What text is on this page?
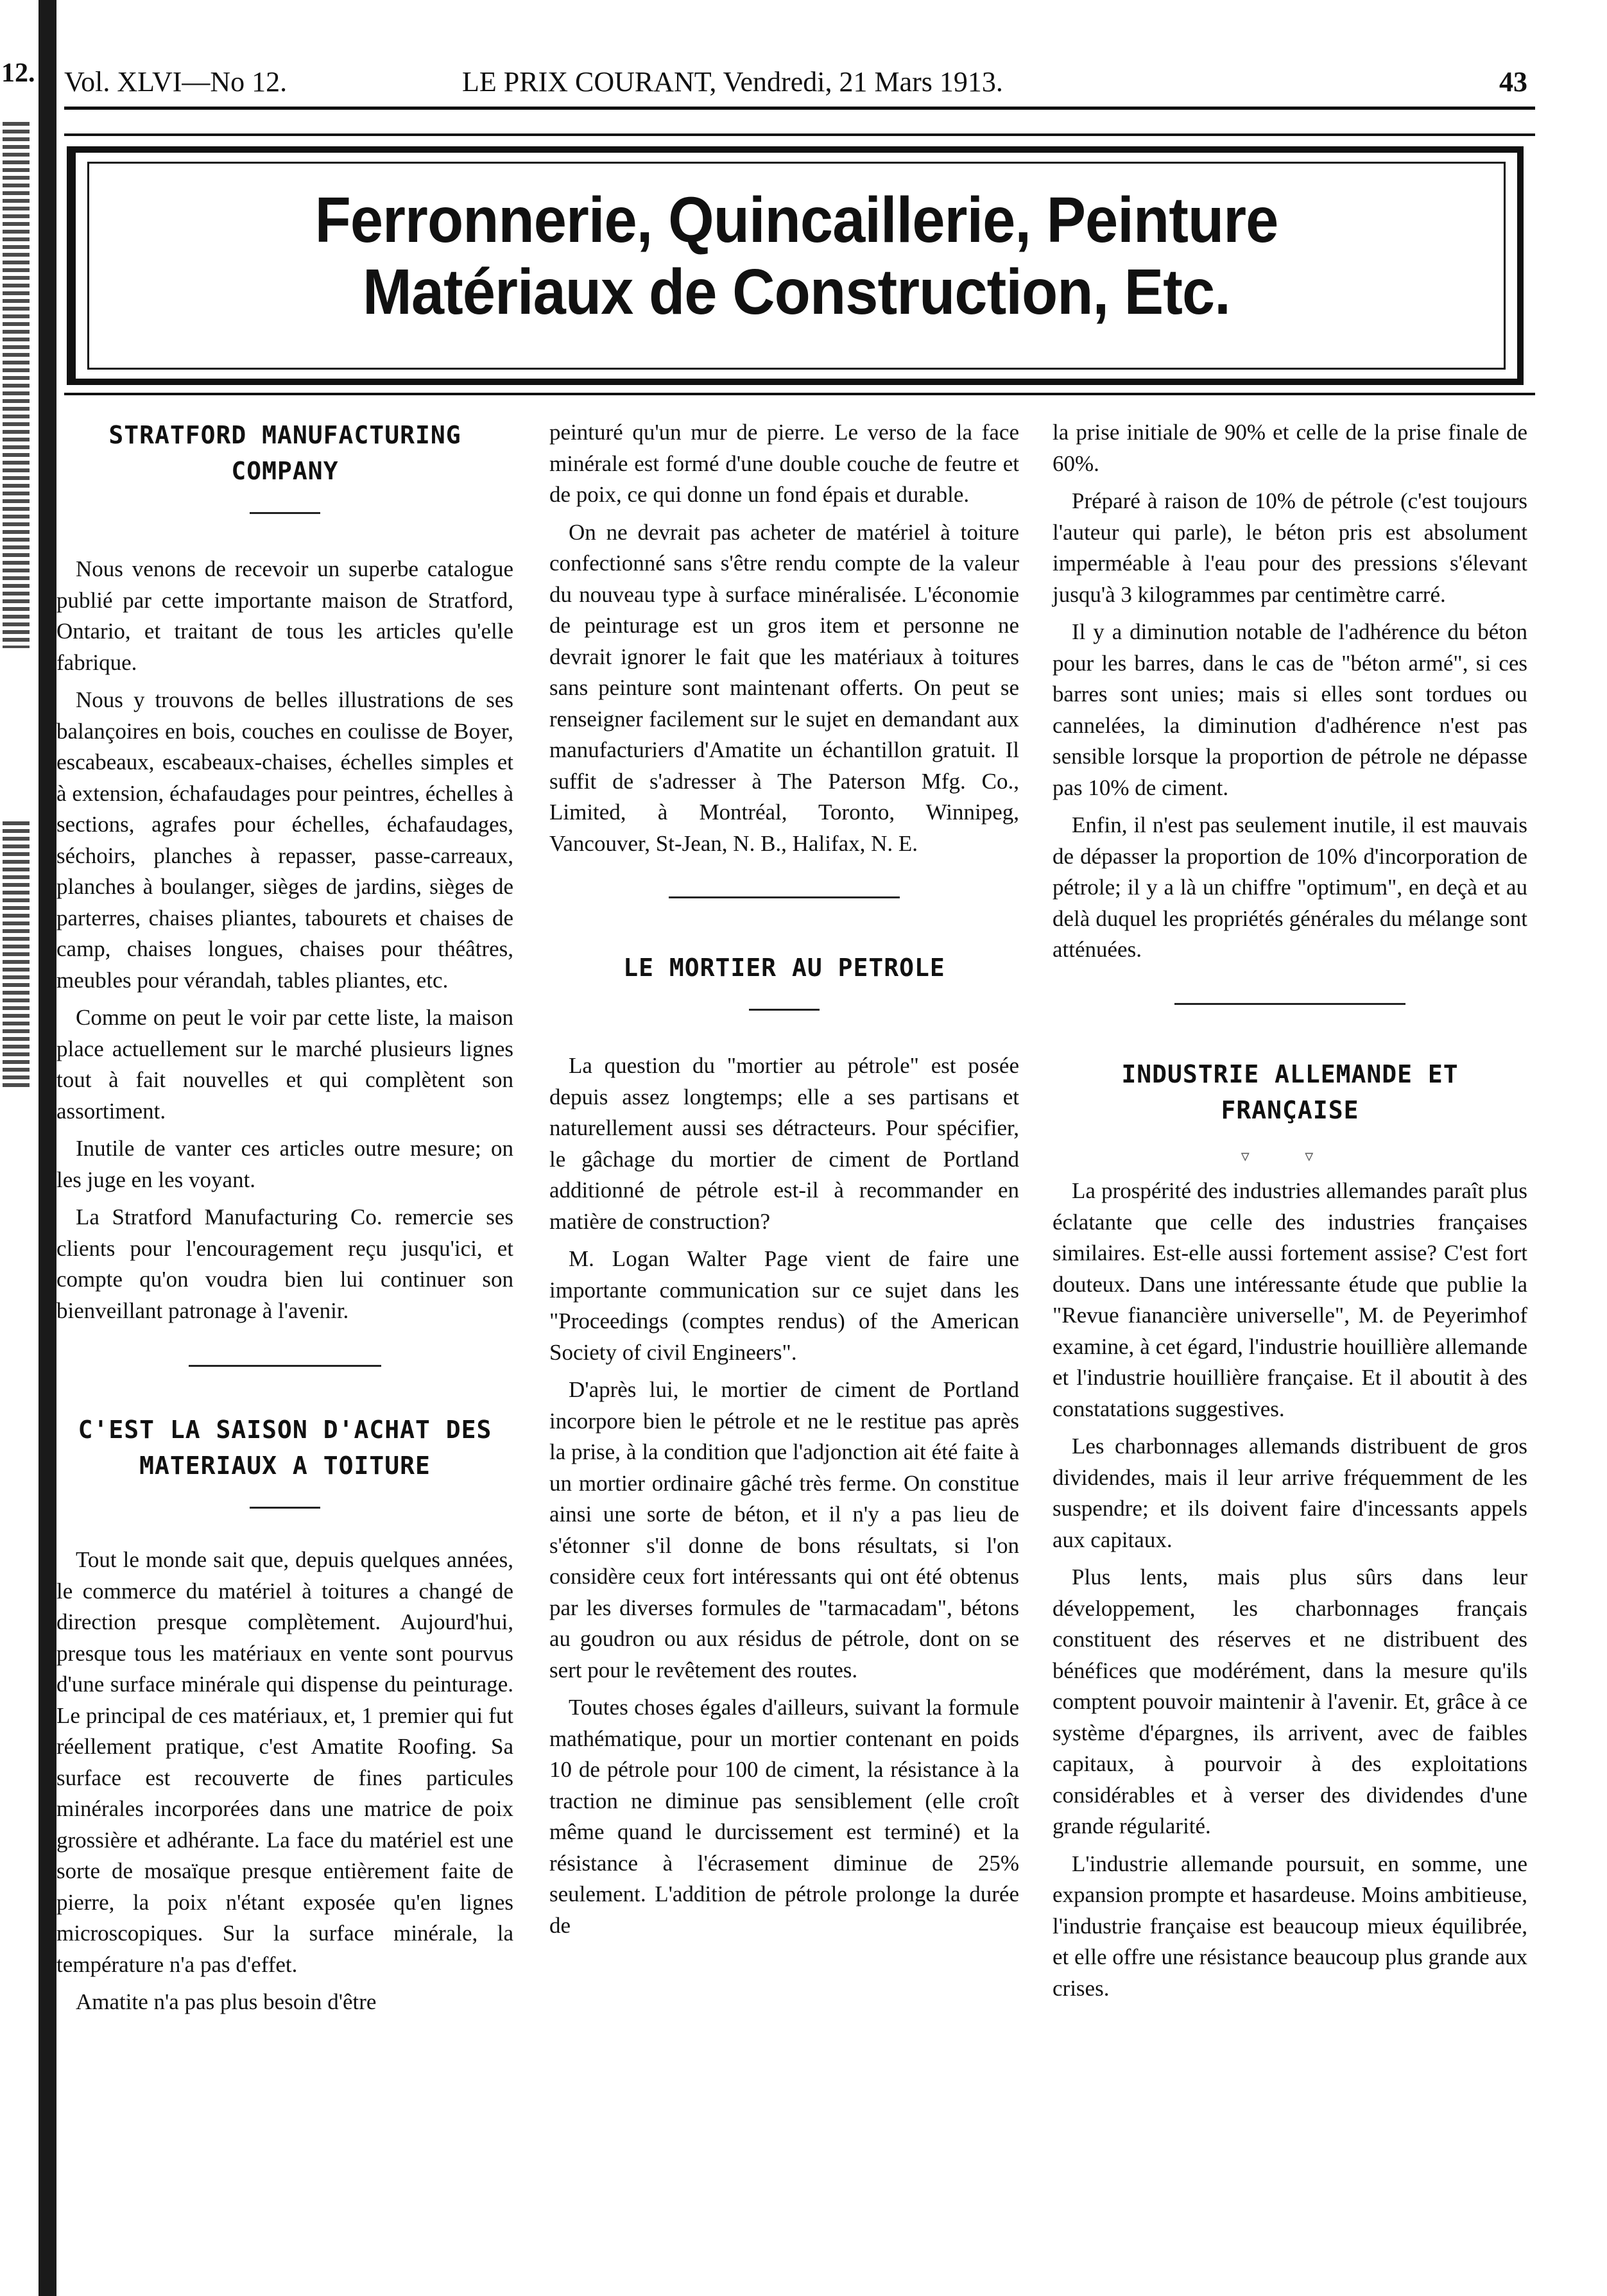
12. Vol. XLVI—No 12.	LE PRIX COURANT, Vendredi, 21 Mars 1913.	43
Ferronnerie, Quincaillerie, Peinture
Matériaux de Construction, Etc.
STRATFORD MANUFACTURING COMPANY

Nous venons de recevoir un superbe catalogue publié par cette importante maison de Stratford, Ontario, et traitant de tous les articles qu'elle fabrique.

Nous y trouvons de belles illustrations de ses balançoires en bois, couches en coulisse de Boyer, escabeaux, escabeaux-chaises, échelles simples et à extension, échafaudages pour peintres, échelles à sections, agrafes pour échelles, échafaudages, séchoirs, planches à repasser, passe-carreaux, planches à boulanger, sièges de jardins, sièges de parterres, chaises pliantes, tabourets et chaises de camp, chaises longues, chaises pour théâtres, meubles pour vérandah, tables pliantes, etc.

Comme on peut le voir par cette liste, la maison place actuellement sur le marché plusieurs lignes tout à fait nouvelles et qui complètent son assortiment.

Inutile de vanter ces articles outre mesure; on les juge en les voyant.

La Stratford Manufacturing Co. remercie ses clients pour l'encouragement reçu jusqu'ici, et compte qu'on voudra bien lui continuer son bienveillant patronage à l'avenir.

C'EST LA SAISON D'ACHAT DES MATERIAUX A TOITURE

Tout le monde sait que, depuis quelques années, le commerce du matériel à toitures a changé de direction presque complètement. Aujourd'hui, presque tous les matériaux en vente sont pourvus d'une surface minérale qui dispense du peinturage. Le principal de ces matériaux, et, 1 premier qui fut réellement pratique, c'est Amatite Roofing. Sa surface est recouverte de fines particules minérales incorporées dans une matrice de poix grossière et adhérante. La face du matériel est une sorte de mosaïque presque entièrement faite de pierre, la poix n'étant exposée qu'en lignes microscopiques. Sur la surface minérale, la température n'a pas d'effet.

Amatite n'a pas plus besoin d'être

peinturé qu'un mur de pierre. Le verso de la face minérale est formé d'une double couche de feutre et de poix, ce qui donne un fond épais et durable.

On ne devrait pas acheter de matériel à toiture confectionné sans s'être rendu compte de la valeur du nouveau type à surface minéralisée. L'économie de peinturage est un gros item et personne ne devrait ignorer le fait que les matériaux à toitures sans peinture sont maintenant offerts. On peut se renseigner facilement sur le sujet en demandant aux manufacturiers d'Amatite un échantillon gratuit. Il suffit de s'adresser à The Paterson Mfg. Co., Limited, à Montréal, Toronto, Winnipeg, Vancouver, St-Jean, N. B., Halifax, N. E.

LE MORTIER AU PETROLE

La question du "mortier au pétrole" est posée depuis assez longtemps; elle a ses partisans et naturellement aussi ses détracteurs. Pour spécifier, le gâchage du mortier de ciment de Portland additionné de pétrole est-il à recommander en matière de construction?

M. Logan Walter Page vient de faire une importante communication sur ce sujet dans les "Proceedings (comptes rendus) of the American Society of civil Engineers".

D'après lui, le mortier de ciment de Portland incorpore bien le pétrole et ne le restitue pas après la prise, à la condition que l'adjonction ait été faite à un mortier ordinaire gâché très ferme. On constitue ainsi une sorte de béton, et il n'y a pas lieu de s'étonner s'il donne de bons résultats, si l'on considère ceux fort intéressants qui ont été obtenus par les diverses formules de "tarmacadam", bétons au goudron ou aux résidus de pétrole, dont on se sert pour le revêtement des routes.

Toutes choses égales d'ailleurs, suivant la formule mathématique, pour un mortier contenant en poids 10 de pétrole pour 100 de ciment, la résistance à la traction ne diminue pas sensiblement (elle croît même quand le durcissement est terminé) et la résistance à l'écrasement diminue de 25% seulement. L'addition de pétrole prolonge la durée de

la prise initiale de 90% et celle de la prise finale de 60%.

Préparé à raison de 10% de pétrole (c'est toujours l'auteur qui parle), le béton pris est absolument imperméable à l'eau pour des pressions s'élevant jusqu'à 3 kilogrammes par centimètre carré.

Il y a diminution notable de l'adhérence du béton pour les barres, dans le cas de "béton armé", si ces barres sont unies; mais si elles sont tordues ou cannelées, la diminution d'adhérence n'est pas sensible lorsque la proportion de pétrole ne dépasse pas 10% de ciment.

Enfin, il n'est pas seulement inutile, il est mauvais de dépasser la proportion de 10% d'incorporation de pétrole; il y a là un chiffre "optimum", en deçà et au delà duquel les propriétés générales du mélange sont atténuées.

INDUSTRIE ALLEMANDE ET FRANÇAISE
▿ ▿

La prospérité des industries allemandes paraît plus éclatante que celle des industries françaises similaires. Est-elle aussi fortement assise? C'est fort douteux. Dans une intéressante étude que publie la "Revue fianancière universelle", M. de Peyerimhof examine, à cet égard, l'industrie houillière allemande et l'industrie houillière française. Et il aboutit à des constatations suggestives.

Les charbonnages allemands distribuent de gros dividendes, mais il leur arrive fréquemment de les suspendre; et ils doivent faire d'incessants appels aux capitaux.

Plus lents, mais plus sûrs dans leur développement, les charbonnages français constituent des réserves et ne distribuent des bénéfices que modérément, dans la mesure qu'ils comptent pouvoir maintenir à l'avenir. Et, grâce à ce système d'épargnes, ils arrivent, avec de faibles capitaux, à pourvoir à des exploitations considérables et à verser des dividendes d'une grande régularité.

L'industrie allemande poursuit, en somme, une expansion prompte et hasardeuse. Moins ambitieuse, l'industrie française est beaucoup mieux équilibrée, et elle offre une résistance beaucoup plus grande aux crises.
